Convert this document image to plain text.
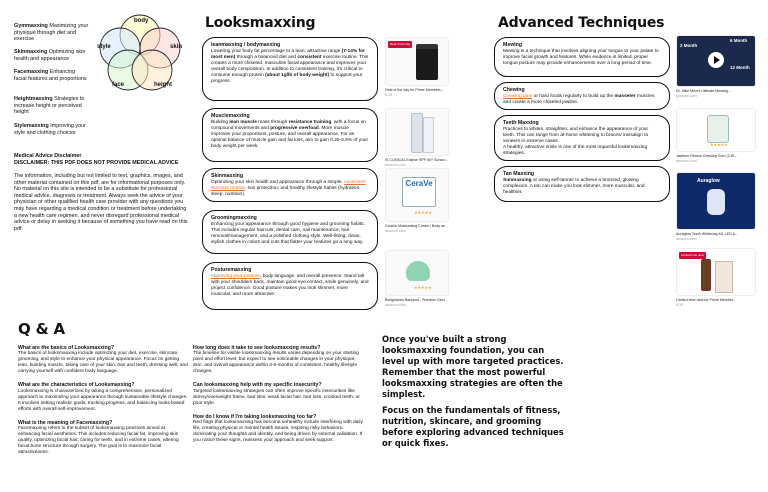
body
style	skin
face	height
Gymmaxxing Maximizing your physique through diet and exercise
Skinmaxxing Optimizing skin health and appearance
Facemaxxing Enhancing facial features and proportions
Heightmaxxing Strategies to increase height or perceived height
Stylemaxxing Improving your style and clothing choices
Medical Advice Disclaimer
DISCLAIMER: THIS PDF DOES NOT PROVIDE MEDICAL ADVICE
The information, including but not limited to text, graphics, images, and other material contained on this pdf, are for informational purposes only. No material on this site is intended to be a substitute for professional medical advice, diagnosis or treatment. Always seek the advice of your physician or other qualified health care provider with any questions you may have regarding a medical condition or treatment before undertaking a new health care regimen, and never disregard professional medical advice or delay in seeking it because of something you have read on this pdf.
Looksmaxxing
leanmaxxing / bodymaxxing
Lowering your body fat percentage to a lean, attractive range (7-14% for most men) through a balanced diet and consistent exercise routine. This creates a more chiseled, masculine facial appearance and improves your overall body composition. In addition to consistent training, it's critical to consume enough protein (about 1g/lb of body weight) to support your progress.
Musclemaxxing
Building lean muscle mass through resistance training, with a focus on compound movements and progressive overload. More muscle improves your proportions, posture, and overall appearance. For an optimal balance of muscle gain and fat loss, aim to gain 0.25-0.5% of your body weight per week.
Skinmaxxing
Optimizing your skin health and appearance through a simple, consistent skincare routine, sun protection, and healthy lifestyle habits (hydration, sleep, nutrition).
Groomingmaxxing
Enhancing your appearance through good hygiene and grooming habits. This includes regular haircuts, dental care, nail maintenance, hair removal/management, and a polished clothing style. Well-fitting, clean, stylish clothes in colors and cuts that flatter your features go a long way.
Posturemaxxing
Improving your posture, body language, and overall presence. Stand tall with your shoulders back, maintain good eye contact, smile genuinely, and project confidence. Good posture makes you look slimmer, more muscular, and more attractive.
Deal of the day
Deal of the day for Prime Members...
$.29
IS CLINICAL Eclipse SPF 50+ Sunscr...
amazon.com
CeraVe
★★★★★
CeraVe Moisturizing Cream | Body an...
amazon.com
★★★★★
Bodyplanes Backpod - Premium Devi...
amazon.com
Advanced Techniques
Mewing
Mewing is a technique that involves aligning your tongue to your palate to improve facial growth and features. While evidence is limited, proper tongue posture may provide enhancements over a long period of time.
Chewing
Chewing gum or hard foods regularly to build up the masseter muscles and create a more chiseled jawline.
Teeth Maxxing
Practices to whiten, straighten, and enhance the appearance of your teeth. This can range from at-home whitening to braces/ invisalign to veneers in extreme cases.
A healthy, attractive smile is one of the most impactful looksmaxxing strategies.
Tan Maxxing
Sunmaxxing or using self-tanner to achieve a bronzed, glowing complexion. A tan can make you look slimmer, more muscular, and healthier.
2 Month
6 Month
12 Month
Dr. Mike Mew's Ultimate Mewing...
youtube.com
★★★★★
Jawliner Fitness Chewing Gum (2-W...
amazon.com
Auraglow
Auraglow Teeth Whitening Kit, LED A...
amazon.com
Limited time deal
Limited-time deal for Prime Member...
$.19
Q & A
What are the basics of Looksmaxxing?
The basics of looksmaxxing include optimizing your diet, exercise, skincare, grooming, and style to enhance your physical appearance. Focus on getting lean, building muscle, taking care of your skin, hair and teeth, dressing well, and carrying yourself with confident body language.
What are the characteristics of Looksmaxxing?
Looksmaxxing is characterized by taking a comprehensive, personalized approach to maximizing your appearance through sustainable lifestyle changes. It involves setting realistic goals, tracking progress, and balancing looks-based efforts with overall self-improvement.
What is the meaning of Facemaxxing?
Facemaxxing refers to the subset of looksmaxxing practices aimed at enhancing facial aesthetics. This includes reducing facial fat, improving skin quality, optimizing facial hair, caring for teeth, and in extreme cases, altering facial bone structure through surgery. The goal is to maximize facial attractiveness.
How long does it take to see looksmaxxing results?
The timeline for visible looksmaxxing results varies depending on your starting point and effort level, but expect to see noticeable changes in your physique, skin, and overall appearance within 3-6 months of consistent, healthy lifestyle changes.
Can looksmaxxing help with my specific insecurity?
Targeted looksmaxxing strategies can often improve specific insecurities like skinny/overweight frame, bad skin, weak facial hair, hair loss, crooked teeth, or poor style.
How do I know if I'm taking looksmaxxing too far?
Red flags that looksmaxxing has become unhealthy include interfering with daily life, creating physical or mental health issues, inspiring risky behaviors, dominating your thoughts and identity, and being driven by external validation. If you notice these signs, reassess your approach and seek support.
Once you've built a strong looksmaxxing foundation, you can level up with more targeted practices. Remember that the most powerful looksmaxxing strategies are often the simplest.
Focus on the fundamentals of fitness, nutrition, skincare, and grooming before exploring advanced techniques or quick fixes.
